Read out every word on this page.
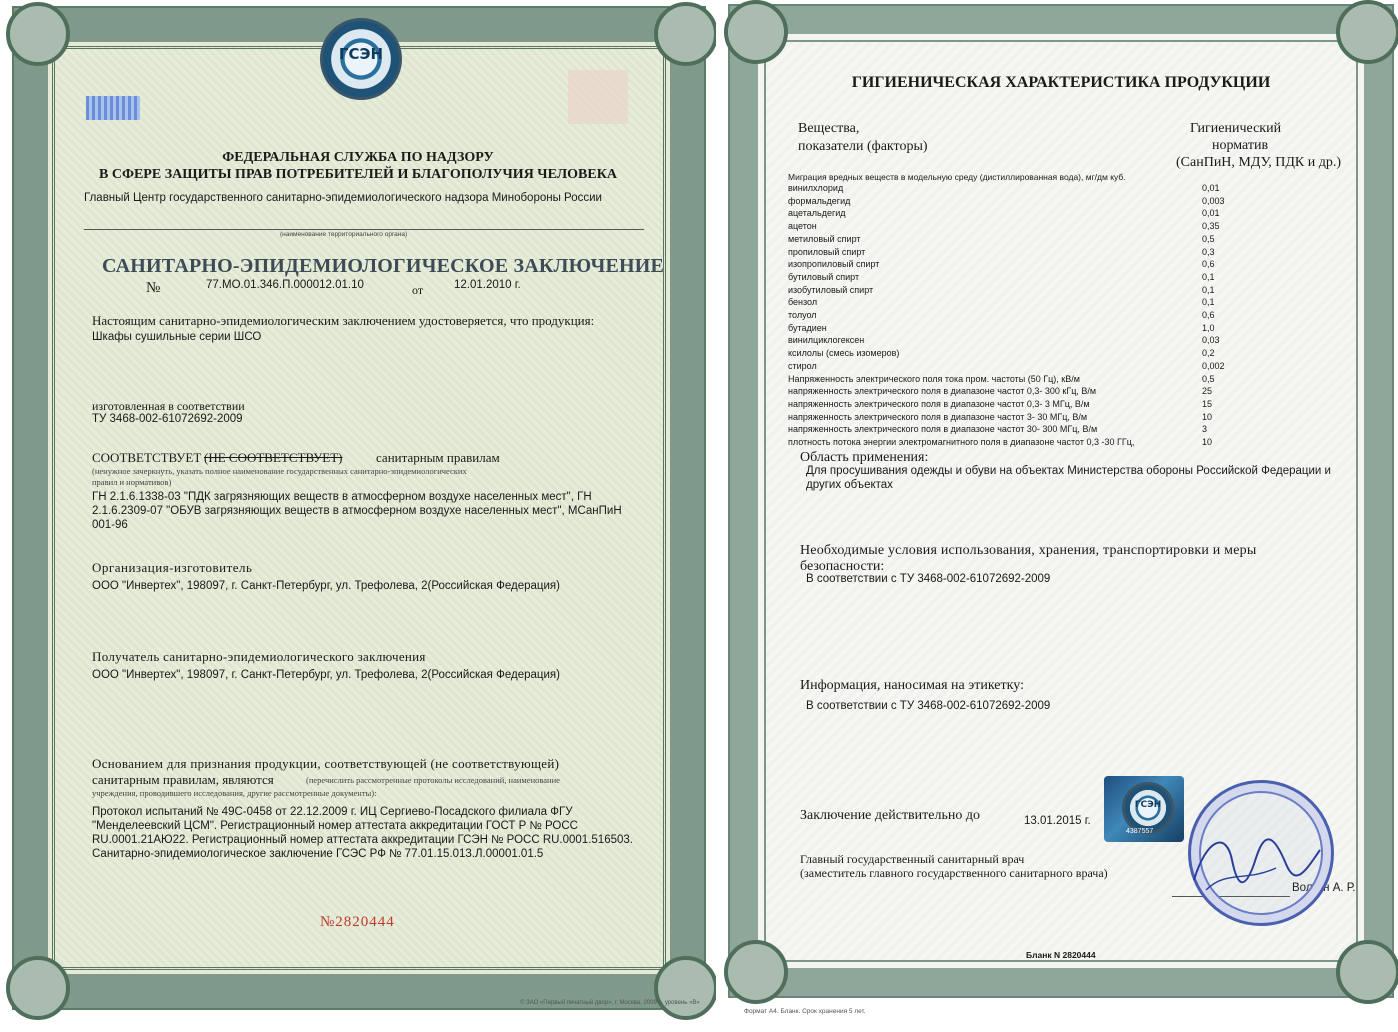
ГСЭН
ФЕДЕРАЛЬНАЯ СЛУЖБА ПО НАДЗОРУ
В СФЕРЕ ЗАЩИТЫ ПРАВ ПОТРЕБИТЕЛЕЙ И БЛАГОПОЛУЧИЯ ЧЕЛОВЕКА
Главный Центр государственного санитарно-эпидемиологического надзора Минобороны России
(наименование территориального органа)
САНИТАРНО-ЭПИДЕМИОЛОГИЧЕСКОЕ ЗАКЛЮЧЕНИЕ
№	77.МО.01.346.П.000012.01.10	от	12.01.2010 г.
Настоящим санитарно-эпидемиологическим заключением удостоверяется, что продукция:
Шкафы сушильные серии ШСО
изготовленная в соответствии
ТУ 3468-002-61072692-2009
СООТВЕТСТВУЕТ (НЕ СООТВЕТСТВУЕТ)	санитарным правилам
(ненужное зачеркнуть, указать полное наименование государственных санитарно-эпидемиологических
правил и нормативов)
ГН 2.1.6.1338-03 "ПДК загрязняющих веществ в атмосферном воздухе населенных мест", ГН
2.1.6.2309-07 "ОБУВ загрязняющих веществ в атмосферном воздухе населенных мест", МСанПиН
001-96
Организация-изготовитель
ООО "Инвертех", 198097, г. Санкт-Петербург, ул. Трефолева, 2(Российская Федерация)
Получатель санитарно-эпидемиологического заключения
ООО "Инвертех", 198097, г. Санкт-Петербург, ул. Трефолева, 2(Российская Федерация)
Основанием для признания продукции, соответствующей (не соответствующей)
санитарным правилам, являются	(перечислить рассмотренные протоколы исследований, наименование
учреждения, проводившего исследования, другие рассмотренные документы):
Протокол испытаний № 49С-0458 от 22.12.2009 г. ИЦ Сергиево-Посадского филиала ФГУ
"Менделеевский ЦСМ". Регистрационный номер аттестата аккредитации ГОСТ Р № РОСС
RU.0001.21АЮ22. Регистрационный номер аттестата аккредитации ГСЭН № РОСС RU.0001.516503.
Санитарно-эпидемиологическое заключение ГСЭС РФ № 77.01.15.013.Л.00001.01.5
№2820444
© ЗАО «Первый печатный двор», г. Москва, 2009 г., уровень «В»
ГИГИЕНИЧЕСКАЯ ХАРАКТЕРИСТИКА ПРОДУКЦИИ
Вещества,
показатели (факторы)
Гигиенический
норматив
(СанПиН, МДУ, ПДК и др.)
Миграция вредных веществ в модельную среду (дистиллированная вода), мг/дм куб.
винилхлорид	0,01
формальдегид	0,003
ацетальдегид	0,01
ацетон	0,35
метиловый спирт	0,5
пропиловый спирт	0,3
изопропиловый спирт	0,6
бутиловый спирт	0,1
изобутиловый спирт	0,1
бензол	0,1
толуол	0,6
бутадиен	1,0
винилциклогексен	0,03
ксилолы (смесь изомеров)	0,2
стирол	0,002
Напряженность электрического поля тока пром. частоты (50 Гц), кВ/м	0,5
напряженность электрического поля в диапазоне частот 0,3- 300 кГц, В/м	25
напряженность электрического поля в диапазоне частот 0,3- 3 МГц, В/м	15
напряженность электрического поля в диапазоне частот 3- 30 МГц, В/м	10
напряженность электрического поля в диапазоне частот 30- 300 МГц, В/м	3
плотность потока энергии электромагнитного поля в диапазоне частот 0,3 -30 ГГц,	10
Область применения:
Для просушивания одежды и обуви на объектах Министерства обороны Российской Федерации и
других объектах
Необходимые условия использования, хранения, транспортировки и меры
безопасности:
В соответствии с ТУ 3468-002-61072692-2009
Информация, наносимая на этикетку:
В соответствии с ТУ 3468-002-61072692-2009
Заключение действительно до	13.01.2015 г.
ГСЭН
4387557
Главный государственный санитарный врач
(заместитель главного государственного санитарного врача)
Волгин А. Р.
Бланк N 2820444
Формат А4. Бланк. Срок хранения 5 лет.
